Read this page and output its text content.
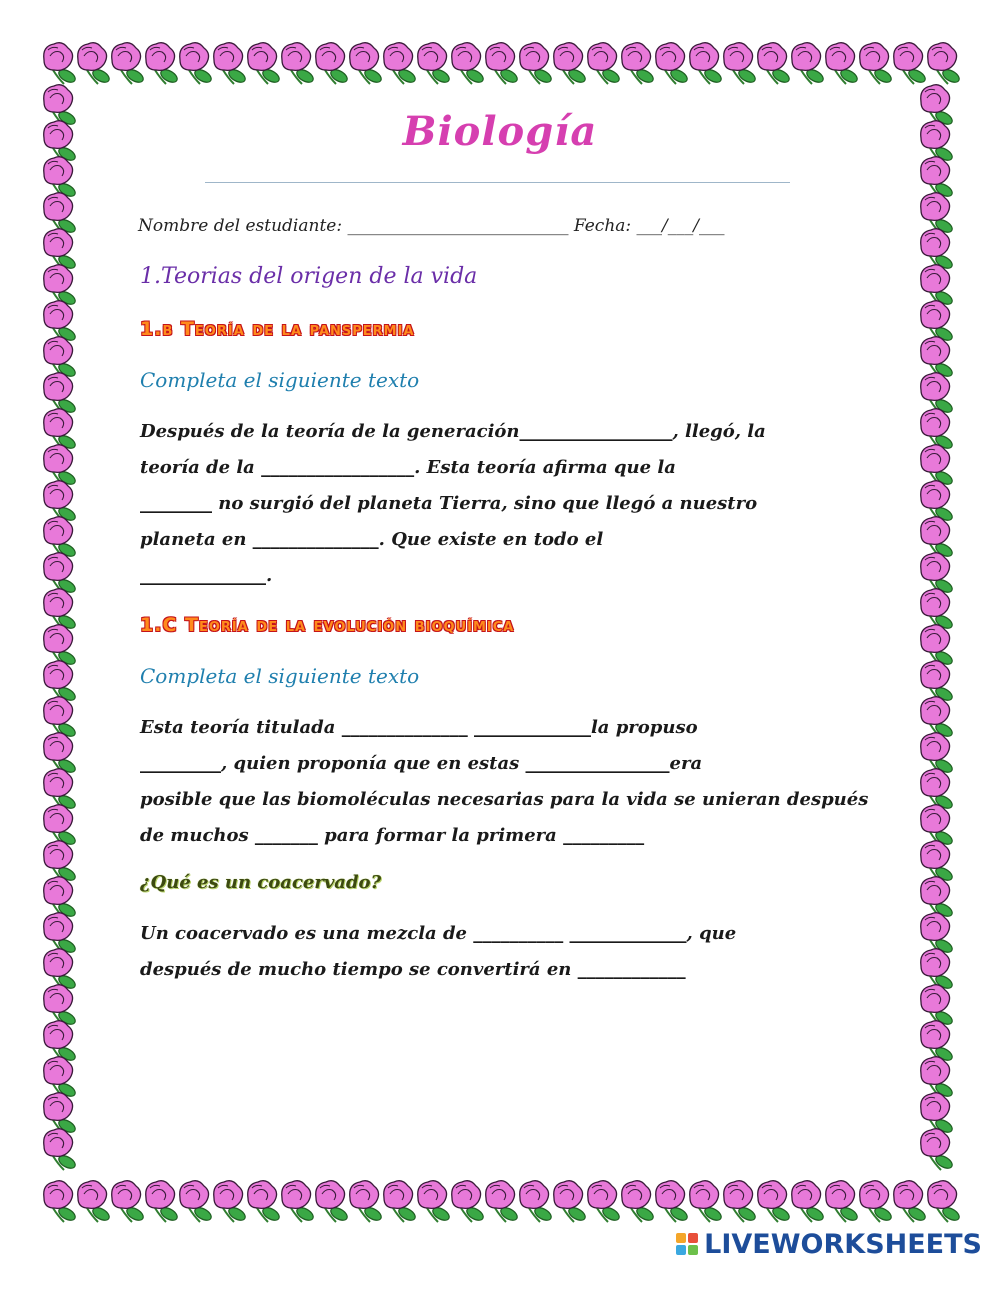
Biología
Nombre del estudiante: __________________________ Fecha: ___/___/___
1.Teorias del origen de la vida
1.b Teoría de la panspermia
Completa el siguiente texto

Después de la teoría de la generación_________________, llegó, la

teoría de la _________________. Esta teoría afirma que la

________ no surgió del planeta Tierra, sino que llegó a nuestro

planeta en ______________. Que existe en todo el

______________.

1.C Teoría de la evolución bioquímica
Completa el siguiente texto

Esta teoría titulada ______________ _____________la propuso

_________, quien proponía que en estas ________________era

posible que las biomoléculas necesarias para la vida se unieran después

de muchos _______ para formar la primera _________

¿Qué es un coacervado?

Un coacervado es una mezcla de __________ _____________, que

después de mucho tiempo se convertirá en ____________

LIVEWORKSHEETS
